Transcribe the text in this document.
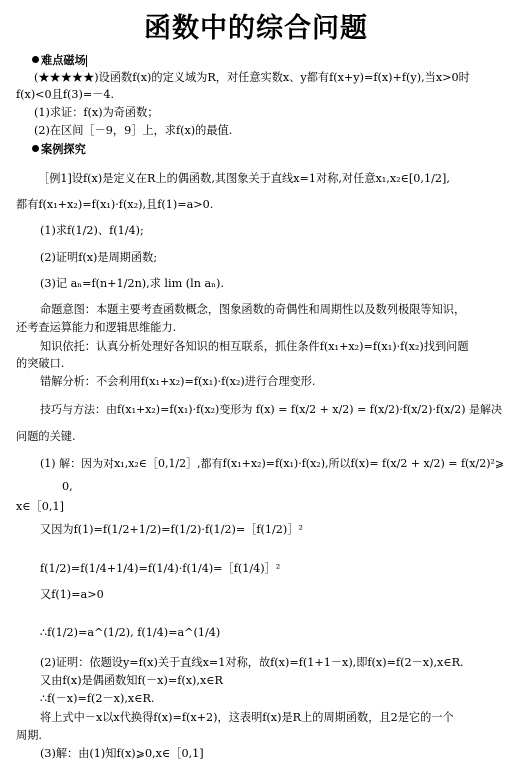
函数中的综合问题
难点磁场
(★★★★★)设函数f(x)的定义域为R，对任意实数x、y都有f(x+y)=f(x)+f(y),当x>0时
f(x)<0且f(3)=－4.
(1)求证：f(x)为奇函数；
(2)在区间［－9，9］上，求f(x)的最值.
案例探究
［例1]设f(x)是定义在R上的偶函数,其图象关于直线x=1对称,对任意x₁,x₂∈[0,1/2],
都有f(x₁+x₂)=f(x₁)·f(x₂),且f(1)=a>0.
(1)求f(1/2)、f(1/4);
(2)证明f(x)是周期函数;
(3)记 aₙ=f(n+1/2n),求 lim (ln aₙ).
命题意图：本题主要考查函数概念，图象函数的奇偶性和周期性以及数列极限等知识，
还考查运算能力和逻辑思维能力.
知识依托：认真分析处理好各知识的相互联系，抓住条件f(x₁+x₂)=f(x₁)·f(x₂)找到问题
的突破口.
错解分析：不会利用f(x₁+x₂)=f(x₁)·f(x₂)进行合理变形.
技巧与方法：由f(x₁+x₂)=f(x₁)·f(x₂)变形为 f(x) = f(x/2 + x/2) = f(x/2)·f(x/2)·f(x/2) 是解决
问题的关键.
(1) 解：因为对x₁,x₂∈［0,1/2］,都有f(x₁+x₂)=f(x₁)·f(x₂),所以f(x)= f(x/2 + x/2) = f(x/2)²⩾
0,
x∈［0,1]
又因为f(1)=f(1/2+1/2)=f(1/2)·f(1/2)=［f(1/2)］²
f(1/2)=f(1/4+1/4)=f(1/4)·f(1/4)=［f(1/4)］²
又f(1)=a>0
∴f(1/2)=a^(1/2), f(1/4)=a^(1/4)
(2)证明：依题设y=f(x)关于直线x=1对称，故f(x)=f(1+1－x),即f(x)=f(2－x),x∈R.
又由f(x)是偶函数知f(－x)=f(x),x∈R
∴f(－x)=f(2－x),x∈R.
将上式中－x以x代换得f(x)=f(x+2)，这表明f(x)是R上的周期函数，且2是它的一个
周期.
(3)解：由(1)知f(x)⩾0,x∈［0,1]
